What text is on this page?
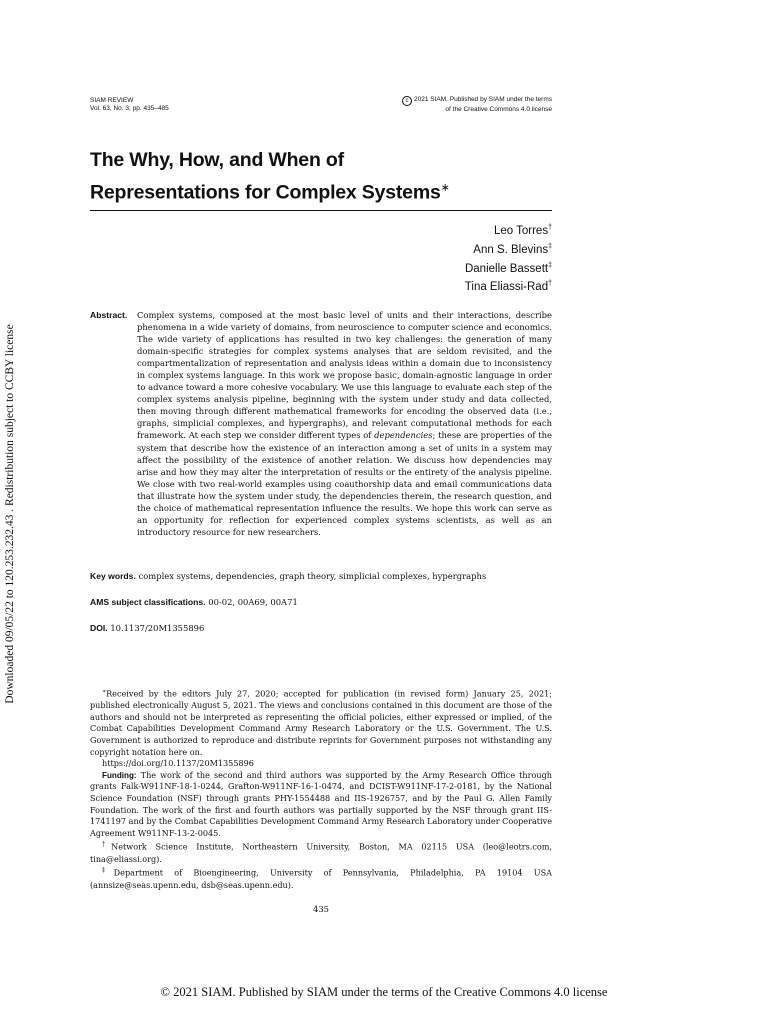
Downloaded 09/05/22 to 120.253.232.43 . Redistribution subject to CCBY license
SIAM REVIEW
Vol. 63, No. 3, pp. 435–485
c 2021 SIAM. Published by SIAM under the terms
of the Creative Commons 4.0 license
The Why, How, and When of
Representations for Complex Systems∗
Leo Torres†
Ann S. Blevins‡
Danielle Bassett‡
Tina Eliassi-Rad†
Abstract. Complex systems, composed at the most basic level of units and their interactions, describe phenomena in a wide variety of domains, from neuroscience to computer science and economics. The wide variety of applications has resulted in two key challenges: the generation of many domain-specific strategies for complex systems analyses that are seldom revisited, and the compartmentalization of representation and analysis ideas within a domain due to inconsistency in complex systems language. In this work we propose basic, domain-agnostic language in order to advance toward a more cohesive vocabulary. We use this language to evaluate each step of the complex systems analysis pipeline, beginning with the system under study and data collected, then moving through different mathematical frameworks for encoding the observed data (i.e., graphs, simplicial complexes, and hypergraphs), and relevant computational methods for each framework. At each step we consider different types of dependencies; these are properties of the system that describe how the existence of an interaction among a set of units in a system may affect the possibility of the existence of another relation. We discuss how dependencies may arise and how they may alter the interpretation of results or the entirety of the analysis pipeline. We close with two real-world examples using coauthorship data and email communications data that illustrate how the system under study, the dependencies therein, the research question, and the choice of mathematical representation influence the results. We hope this work can serve as an opportunity for reflection for experienced complex systems scientists, as well as an introductory resource for new researchers.

Key words. complex systems, dependencies, graph theory, simplicial complexes, hypergraphs

AMS subject classifications. 00-02, 00A69, 00A71

DOI. 10.1137/20M1355896

∗Received by the editors July 27, 2020; accepted for publication (in revised form) January 25, 2021; published electronically August 5, 2021. The views and conclusions contained in this document are those of the authors and should not be interpreted as representing the official policies, either expressed or implied, of the Combat Capabilities Development Command Army Research Laboratory or the U.S. Government. The U.S. Government is authorized to reproduce and distribute reprints for Government purposes not withstanding any copyright notation here on.

https://doi.org/10.1137/20M1355896

Funding: The work of the second and third authors was supported by the Army Research Office through grants Falk-W911NF-18-1-0244, Grafton-W911NF-16-1-0474, and DCIST-W911NF-17-2-0181, by the National Science Foundation (NSF) through grants PHY-1554488 and IIS-1926757, and by the Paul G. Allen Family Foundation. The work of the first and fourth authors was partially supported by the NSF through grant IIS-1741197 and by the Combat Capabilities Development Command Army Research Laboratory under Cooperative Agreement W911NF-13-2-0045.

†Network Science Institute, Northeastern University, Boston, MA 02115 USA (leo@leotrs.com, tina@eliassi.org).

‡Department of Bioengineering, University of Pennsylvania, Philadelphia, PA 19104 USA (annsize@seas.upenn.edu, dsb@seas.upenn.edu).

435
© 2021 SIAM. Published by SIAM under the terms of the Creative Commons 4.0 license
